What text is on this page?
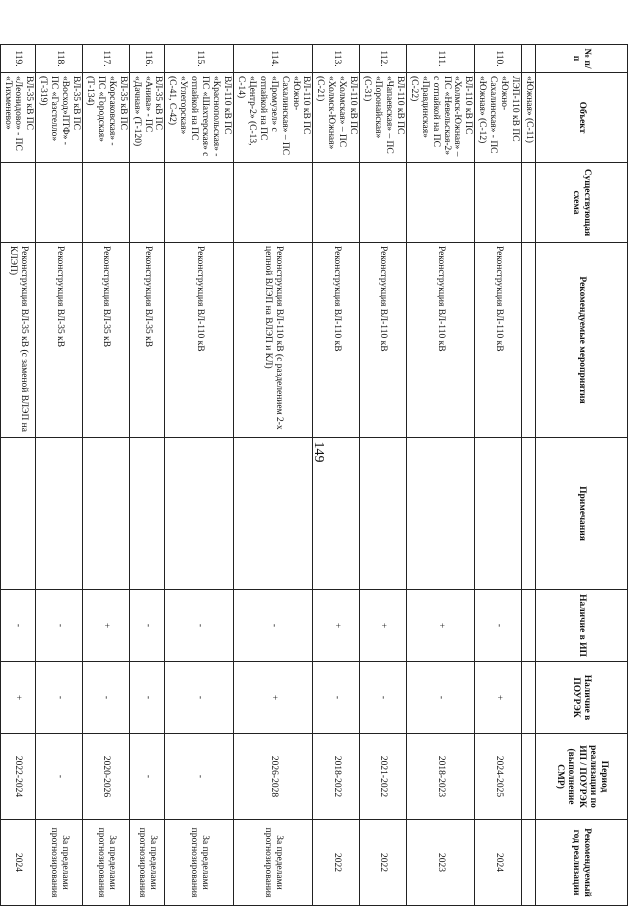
149
№ п/п	Объект	Существующая схема	Рекомендуемые мероприятия	Примечания	Наличие в ИП	Наличие в ПОУРЭК	Период реализации по ИП / ПОУРЭК (выполнение СМР)	Рекомендуемый год реализации
	«Южная» (С-11)							
110.	ЛЭП-110 кВ ПС «Южно-Сахалинская» - ПС «Южная» (С-12)		Реконструкция ВЛ-110 кВ		-	+	2024-2025	2024
111.	ВЛ-110 кВ ПС «Холмск-Южная» – ПС «Невельская-2» с отпайкой на ПС «Правдинская» (С-22)		Реконструкция ВЛ-110 кВ		+	-	2018-2023	2023
112.	ВЛ-110 кВ ПС «Чапаевская» – ПС «Поронайская» (С-31)		Реконструкция ВЛ-110 кВ		+	-	2021-2022	2022
113.	ВЛ-110 кВ ПС «Холмская» – ПС «Холмск-Южная» (С-21)		Реконструкция ВЛ-110 кВ		+	-	2018-2022	2022
114.	ВЛ-110 кВ ПС «Южно-Сахалинская» – ПС «Промузел» с отпайкой на ПС «Центр-2» (С-13, С-14)		Реконструкция ВЛ-110 кВ (с разделением 2-х цепной ВЛЭП на ВЛЭП и КЛ)		-	+	2026-2028	За пределами прогнозирования
115.	ВЛ-110 кВ ПС «Краснопольская» - ПС «Шахтерская» с отпайкой на ПС «Углегорская» (С-41, С-42)		Реконструкция ВЛ-110 кВ		-	-	-	За пределами прогнозирования
116.	ВЛ-35 кВ ПС «Анива» - ПС «Дачная» (Т-120)		Реконструкция ВЛ-35 кВ		-	-	-	За пределами прогнозирования
117.	ВЛ-35 кВ ПС «Корсаковская» - ПС «Городская» (Т-134)		Реконструкция ВЛ-35 кВ		+	-	2020-2026	За пределами прогнозирования
118.	ВЛ-35 кВ ПС «Восход»ПТФ» - ПС «Газстелло» (Т-319)		Реконструкция ВЛ-35 кВ		-	-	-	За пределами прогнозирования
119.	ВЛ-35 кВ ПС «Леонидово» - ПС «Тихменево»		Реконструкция ВЛ-35 кВ (с заменой ВЛЭП на КЛЭП)		-	+	2022-2024	2024
